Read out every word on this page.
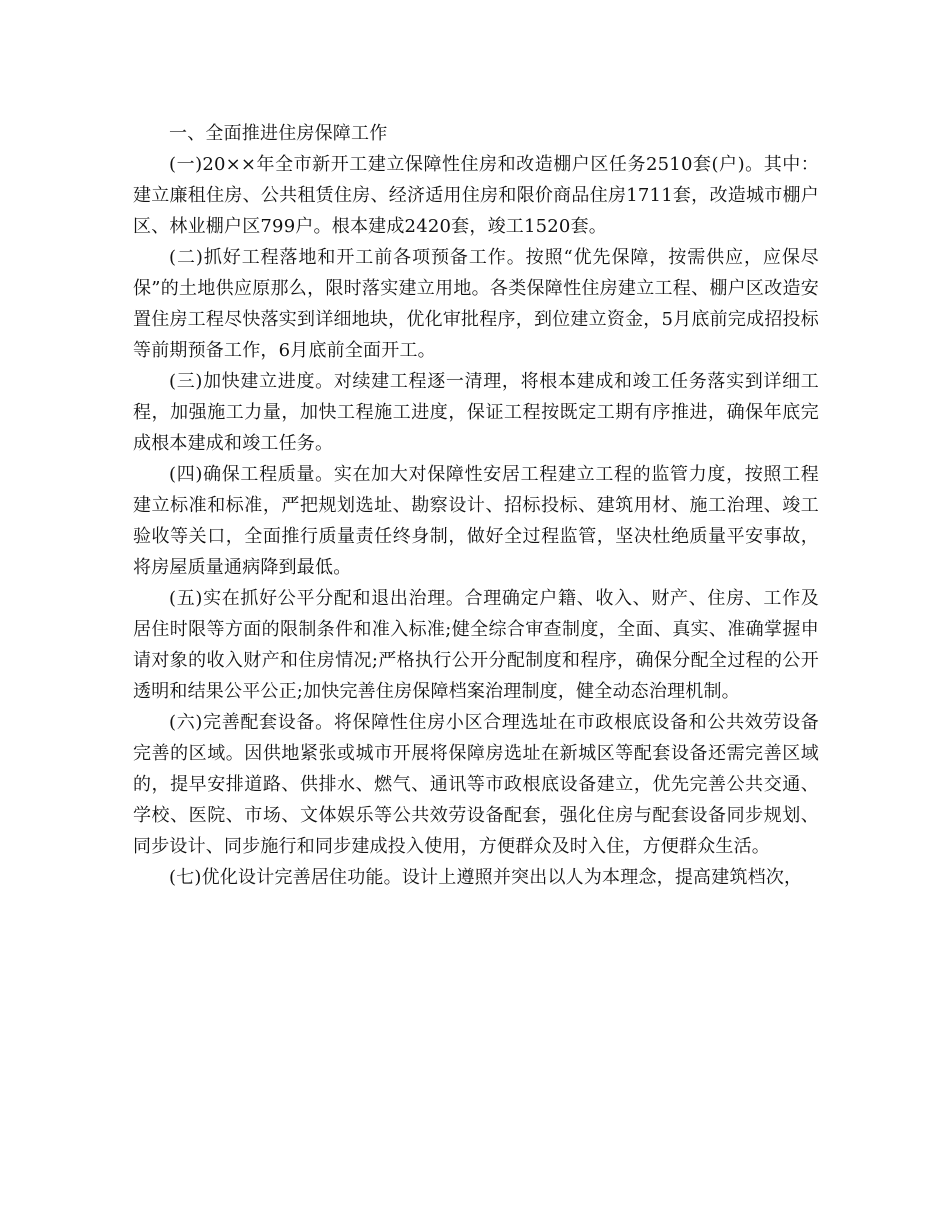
一、全面推进住房保障工作

(一)20××年全市新开工建立保障性住房和改造棚户区任务2510套(户)。其中：建立廉租住房、公共租赁住房、经济适用住房和限价商品住房1711套，改造城市棚户区、林业棚户区799户。根本建成2420套，竣工1520套。

(二)抓好工程落地和开工前各项预备工作。按照“优先保障，按需供应，应保尽保”的土地供应原那么，限时落实建立用地。各类保障性住房建立工程、棚户区改造安置住房工程尽快落实到详细地块，优化审批程序，到位建立资金，5月底前完成招投标等前期预备工作，6月底前全面开工。

(三)加快建立进度。对续建工程逐一清理，将根本建成和竣工任务落实到详细工程，加强施工力量，加快工程施工进度，保证工程按既定工期有序推进，确保年底完成根本建成和竣工任务。

(四)确保工程质量。实在加大对保障性安居工程建立工程的监管力度，按照工程建立标准和标准，严把规划选址、勘察设计、招标投标、建筑用材、施工治理、竣工验收等关口，全面推行质量责任终身制，做好全过程监管，坚决杜绝质量平安事故，将房屋质量通病降到最低。

(五)实在抓好公平分配和退出治理。合理确定户籍、收入、财产、住房、工作及居住时限等方面的限制条件和准入标准;健全综合审查制度，全面、真实、准确掌握申请对象的收入财产和住房情况;严格执行公开分配制度和程序，确保分配全过程的公开透明和结果公平公正;加快完善住房保障档案治理制度，健全动态治理机制。

(六)完善配套设备。将保障性住房小区合理选址在市政根底设备和公共效劳设备完善的区域。因供地紧张或城市开展将保障房选址在新城区等配套设备还需完善区域的，提早安排道路、供排水、燃气、通讯等市政根底设备建立，优先完善公共交通、学校、医院、市场、文体娱乐等公共效劳设备配套，强化住房与配套设备同步规划、同步设计、同步施行和同步建成投入使用，方便群众及时入住，方便群众生活。

(七)优化设计完善居住功能。设计上遵照并突出以人为本理念，提高建筑档次，
